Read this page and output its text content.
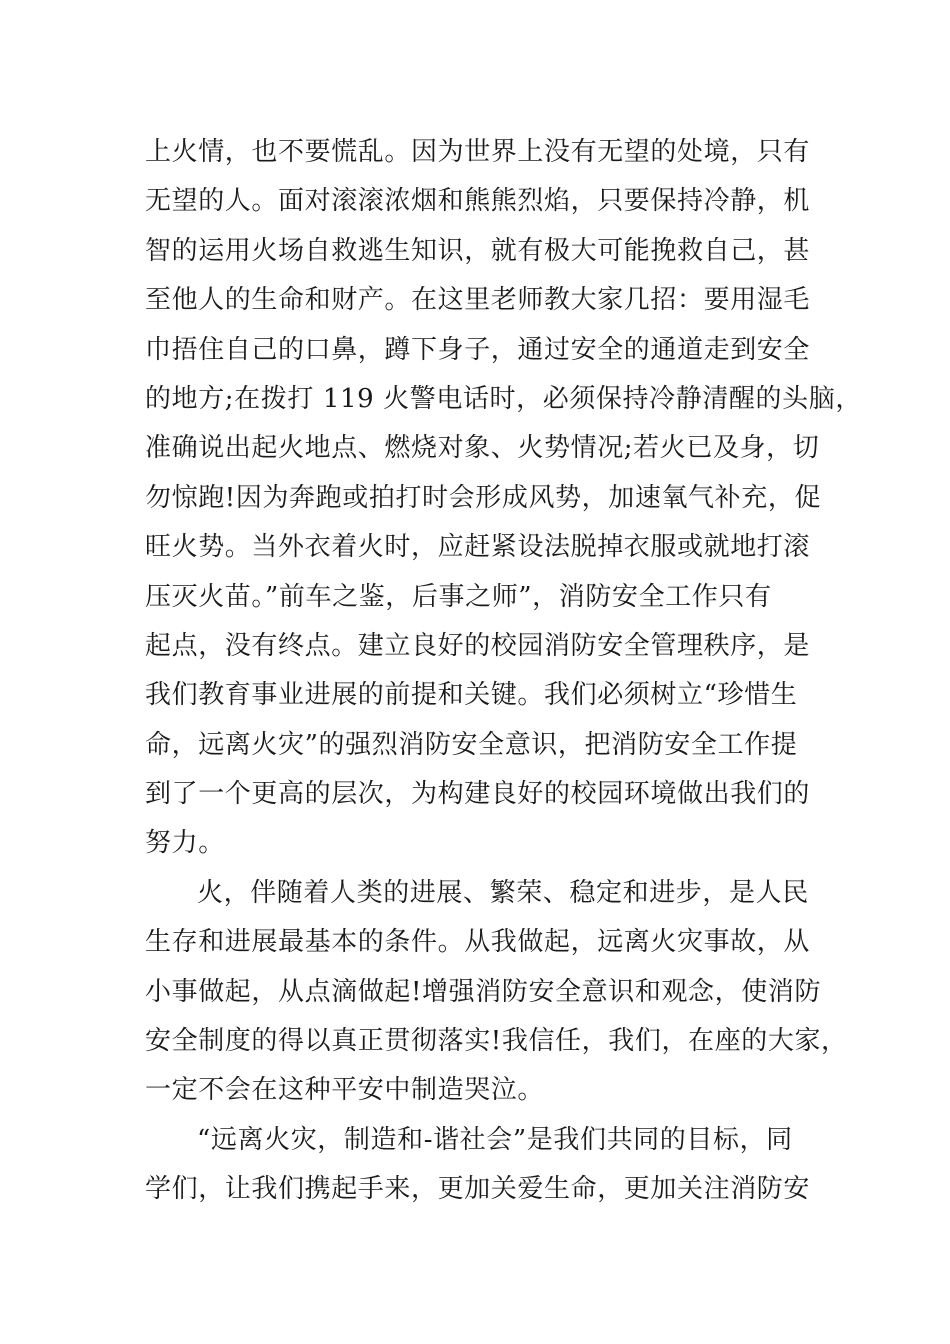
上火情，也不要慌乱。因为世界上没有无望的处境，只有
无望的人。面对滚滚浓烟和熊熊烈焰，只要保持冷静，机
智的运用火场自救逃生知识，就有极大可能挽救自己，甚
至他人的生命和财产。在这里老师教大家几招：要用湿毛
巾捂住自己的口鼻，蹲下身子，通过安全的通道走到安全
的地方;在拨打 119 火警电话时，必须保持冷静清醒的头脑，
准确说出起火地点、燃烧对象、火势情况;若火已及身，切
勿惊跑!因为奔跑或拍打时会形成风势，加速氧气补充，促
旺火势。当外衣着火时，应赶紧设法脱掉衣服或就地打滚
压灭火苗。”前车之鉴，后事之师”，消防安全工作只有
起点，没有终点。建立良好的校园消防安全管理秩序，是
我们教育事业进展的前提和关键。我们必须树立“珍惜生
命，远离火灾”的强烈消防安全意识，把消防安全工作提
到了一个更高的层次，为构建良好的校园环境做出我们的
努力。
火，伴随着人类的进展、繁荣、稳定和进步，是人民
生存和进展最基本的条件。从我做起，远离火灾事故，从
小事做起，从点滴做起!增强消防安全意识和观念，使消防
安全制度的得以真正贯彻落实!我信任，我们，在座的大家，
一定不会在这种平安中制造哭泣。
“远离火灾，制造和-谐社会”是我们共同的目标，同
学们，让我们携起手来，更加关爱生命，更加关注消防安
